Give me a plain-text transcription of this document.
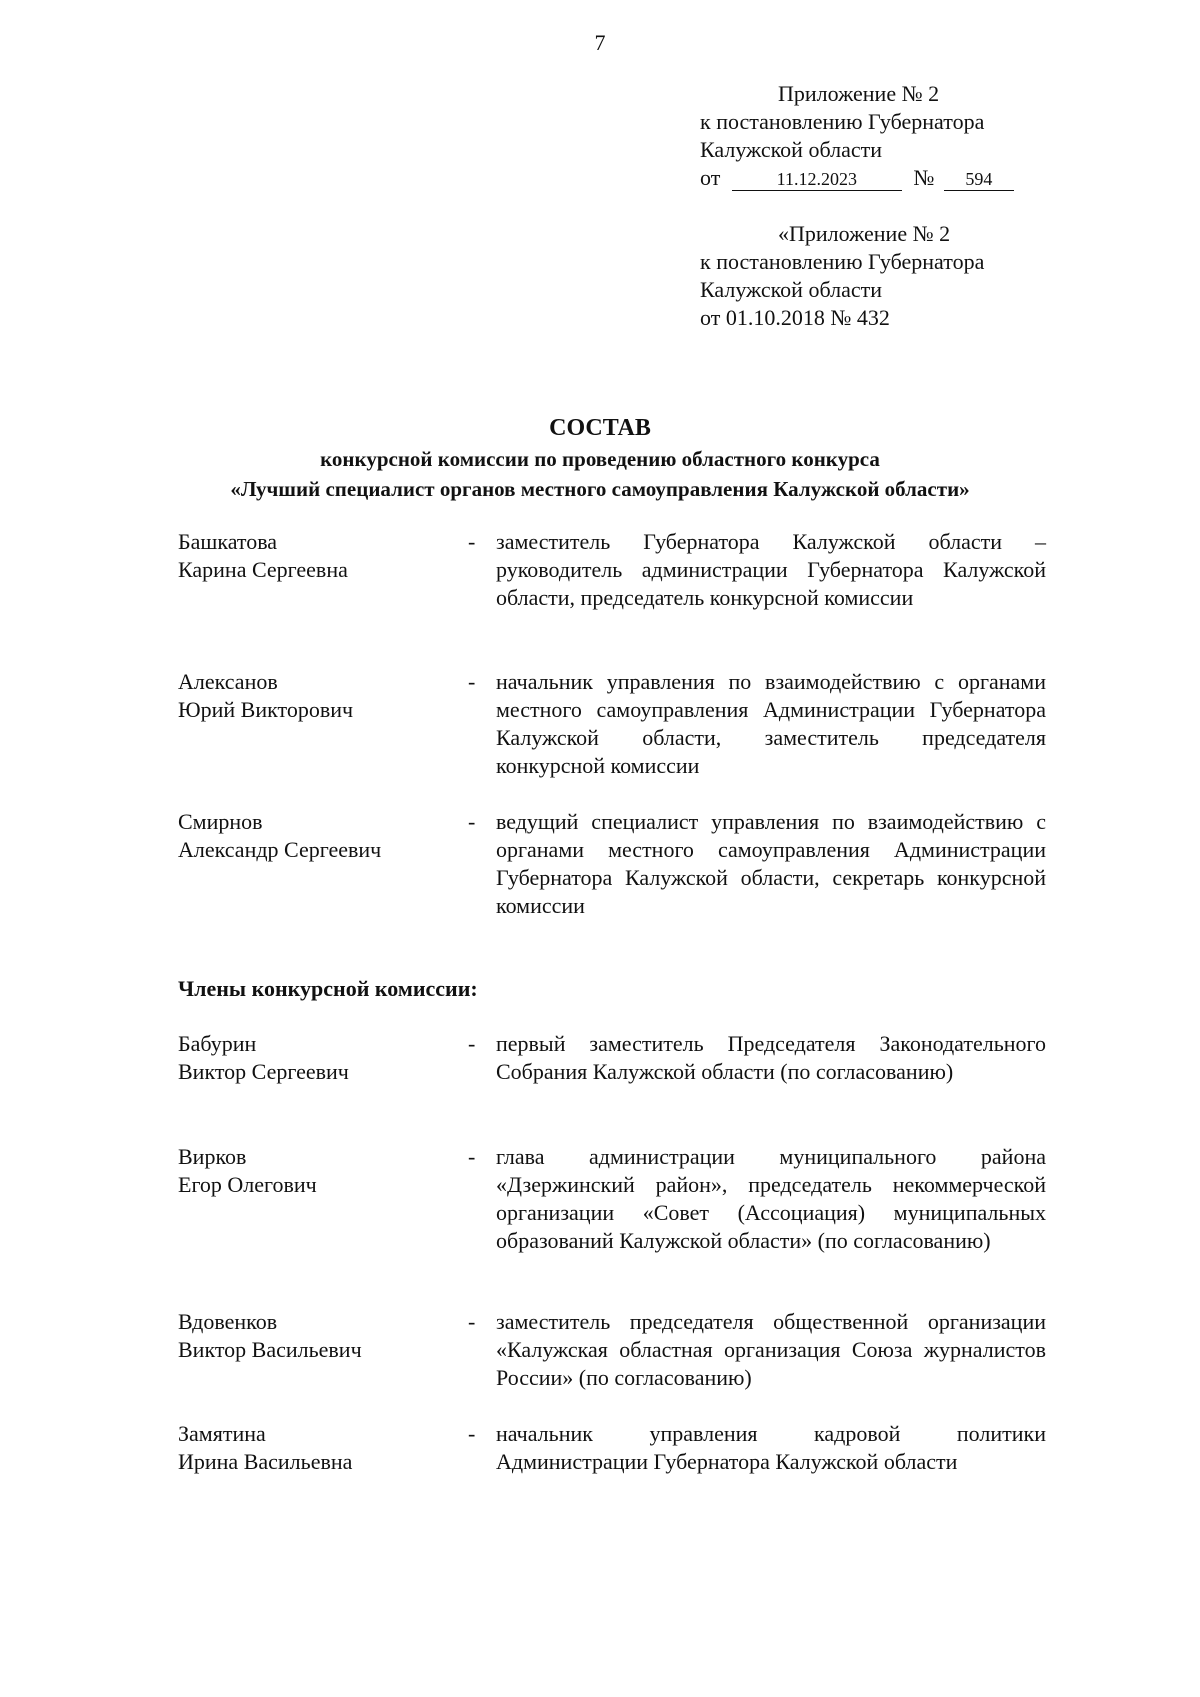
7
Приложение № 2
к постановлению Губернатора
Калужской области
от	11.12.2023	№ 594
«Приложение № 2
к постановлению Губернатора
Калужской области
от 01.10.2018 № 432
СОСТАВ
конкурсной комиссии по проведению областного конкурса
«Лучший специалист органов местного самоуправления Калужской области»
Башкатова
Карина Сергеевна
- заместитель Губернатора Калужской области – руководитель администрации Губернатора Калужской области, председатель конкурсной комиссии
Алексанов
Юрий Викторович
- начальник управления по взаимодействию с органами местного самоуправления Администрации Губернатора Калужской области, заместитель председателя конкурсной комиссии
Смирнов
Александр Сергеевич
- ведущий специалист управления по взаимодействию с органами местного самоуправления Администрации Губернатора Калужской области, секретарь конкурсной комиссии
Члены конкурсной комиссии:
Бабурин
Виктор Сергеевич
- первый заместитель Председателя Законодательного Собрания Калужской области (по согласованию)
Вирков
Егор Олегович
- глава администрации муниципального района «Дзержинский район», председатель некоммерческой организации «Совет (Ассоциация) муниципальных образований Калужской области» (по согласованию)
Вдовенков
Виктор Васильевич
- заместитель председателя общественной организации «Калужская областная организация Союза журналистов России» (по согласованию)
Замятина
Ирина Васильевна
- начальник управления кадровой политики Администрации Губернатора Калужской области
